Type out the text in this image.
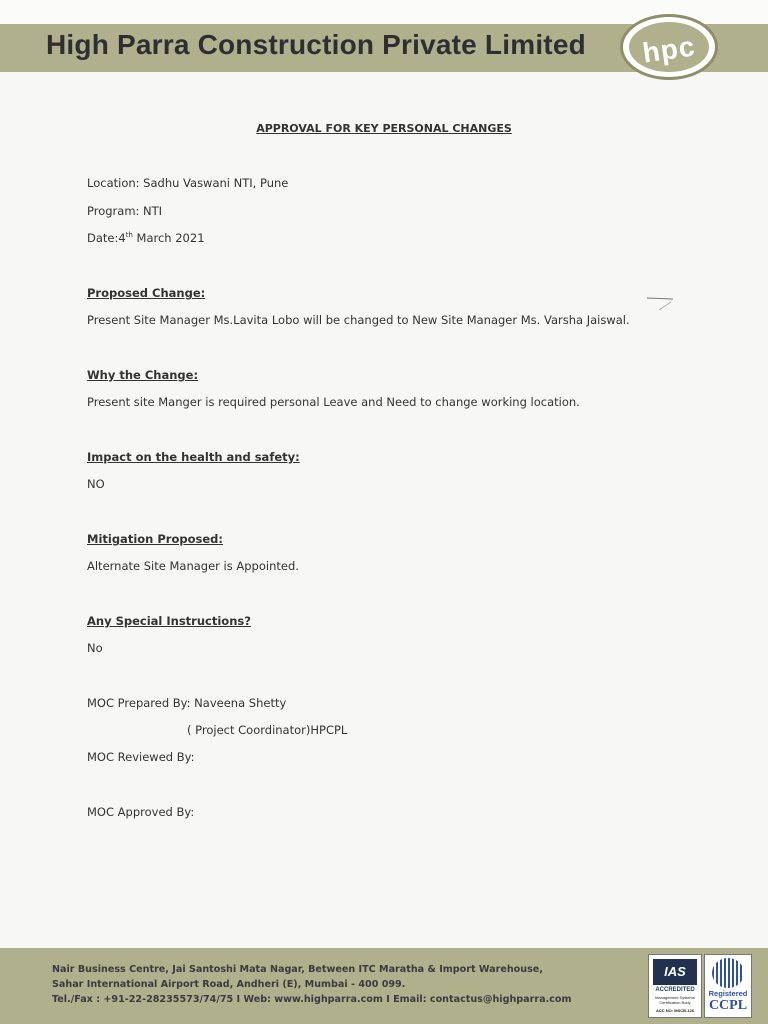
High Parra Construction Private Limited	hpc
APPROVAL FOR KEY PERSONAL CHANGES
Location: Sadhu Vaswani NTI, Pune
Program: NTI
Date:4th March 2021
Proposed Change:
Present Site Manager Ms.Lavita Lobo will be changed to New Site Manager Ms. Varsha Jaiswal.
Why the Change:
Present site Manger is required personal Leave and Need to change working location.
Impact on the health and safety:
NO
Mitigation Proposed:
Alternate Site Manager is Appointed.
Any Special Instructions?
No
MOC Prepared By: Naveena Shetty
( Project Coordinator)HPCPL
MOC Reviewed By:
MOC Approved By:
Nair Business Centre, Jai Santoshi Mata Nagar, Between ITC Maratha & Import Warehouse,
Sahar International Airport Road, Andheri (E), Mumbai - 400 099.
Tel./Fax : +91-22-28235573/74/75 I Web: www.highparra.com I Email: contactus@highparra.com
IAS
ACCREDITED
Management Systems Certification Body
ACC NO: MSCB-126
Registered
CCPL
